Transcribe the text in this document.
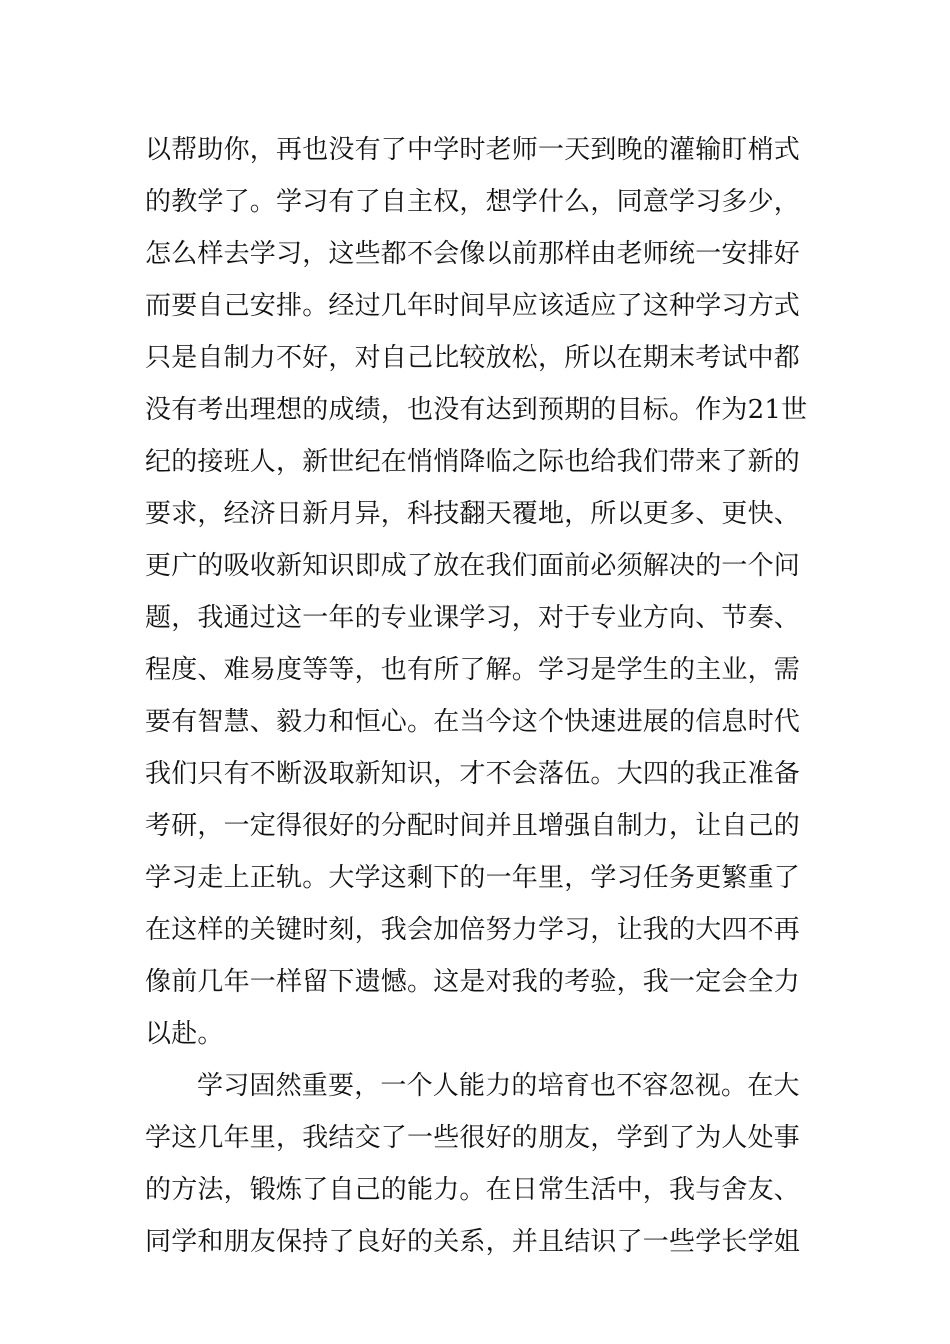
以帮助你，再也没有了中学时老师一天到晚的灌输盯梢式
的教学了。学习有了自主权，想学什么，同意学习多少，
怎么样去学习，这些都不会像以前那样由老师统一安排好
而要自己安排。经过几年时间早应该适应了这种学习方式
只是自制力不好，对自己比较放松，所以在期末考试中都
没有考出理想的成绩，也没有达到预期的目标。作为21世
纪的接班人，新世纪在悄悄降临之际也给我们带来了新的
要求，经济日新月异，科技翻天覆地，所以更多、更快、
更广的吸收新知识即成了放在我们面前必须解决的一个问
题，我通过这一年的专业课学习，对于专业方向、节奏、
程度、难易度等等，也有所了解。学习是学生的主业，需
要有智慧、毅力和恒心。在当今这个快速进展的信息时代
我们只有不断汲取新知识，才不会落伍。大四的我正准备
考研，一定得很好的分配时间并且增强自制力，让自己的
学习走上正轨。大学这剩下的一年里，学习任务更繁重了
在这样的关键时刻，我会加倍努力学习，让我的大四不再
像前几年一样留下遗憾。这是对我的考验，我一定会全力
以赴。
学习固然重要，一个人能力的培育也不容忽视。在大
学这几年里，我结交了一些很好的朋友，学到了为人处事
的方法，锻炼了自己的能力。在日常生活中，我与舍友、
同学和朋友保持了良好的关系，并且结识了一些学长学姐
